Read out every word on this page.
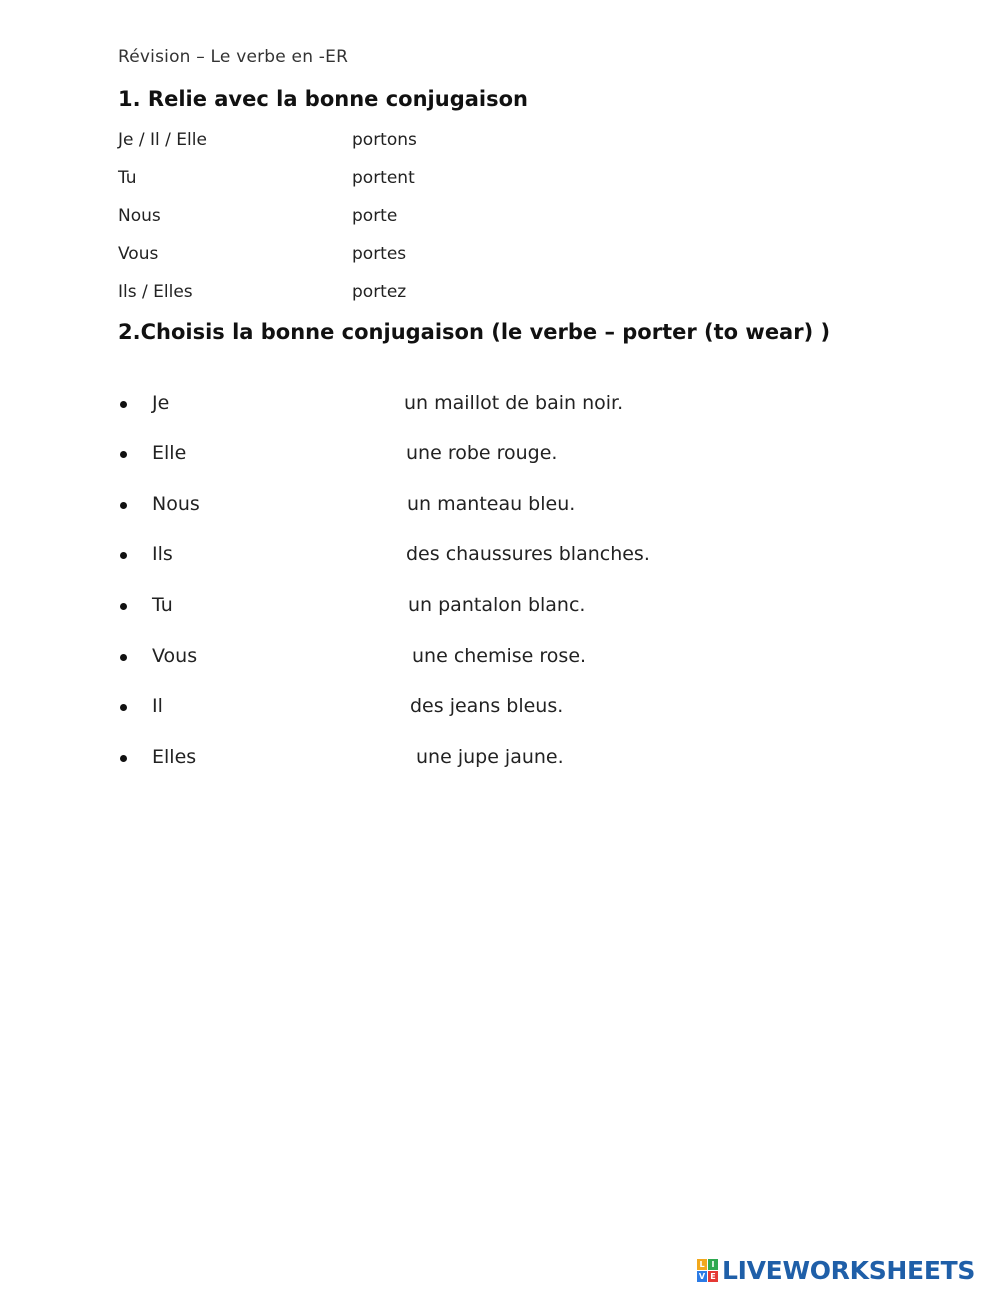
Révision – Le verbe en -ER
1. Relie avec la bonne conjugaison
Je / Il / Elle	portons
Tu	portent
Nous	porte
Vous	portes
Ils / Elles	portez
2.Choisis la bonne conjugaison (le verbe – porter (to wear) )
Je	un maillot de bain noir.
Elle	une robe rouge.
Nous	un manteau bleu.
Ils	des chaussures blanches.
Tu	un pantalon blanc.
Vous	une chemise rose.
Il	des jeans bleus.
Elles	une jupe jaune.
L I
V E LIVEWORKSHEETS
